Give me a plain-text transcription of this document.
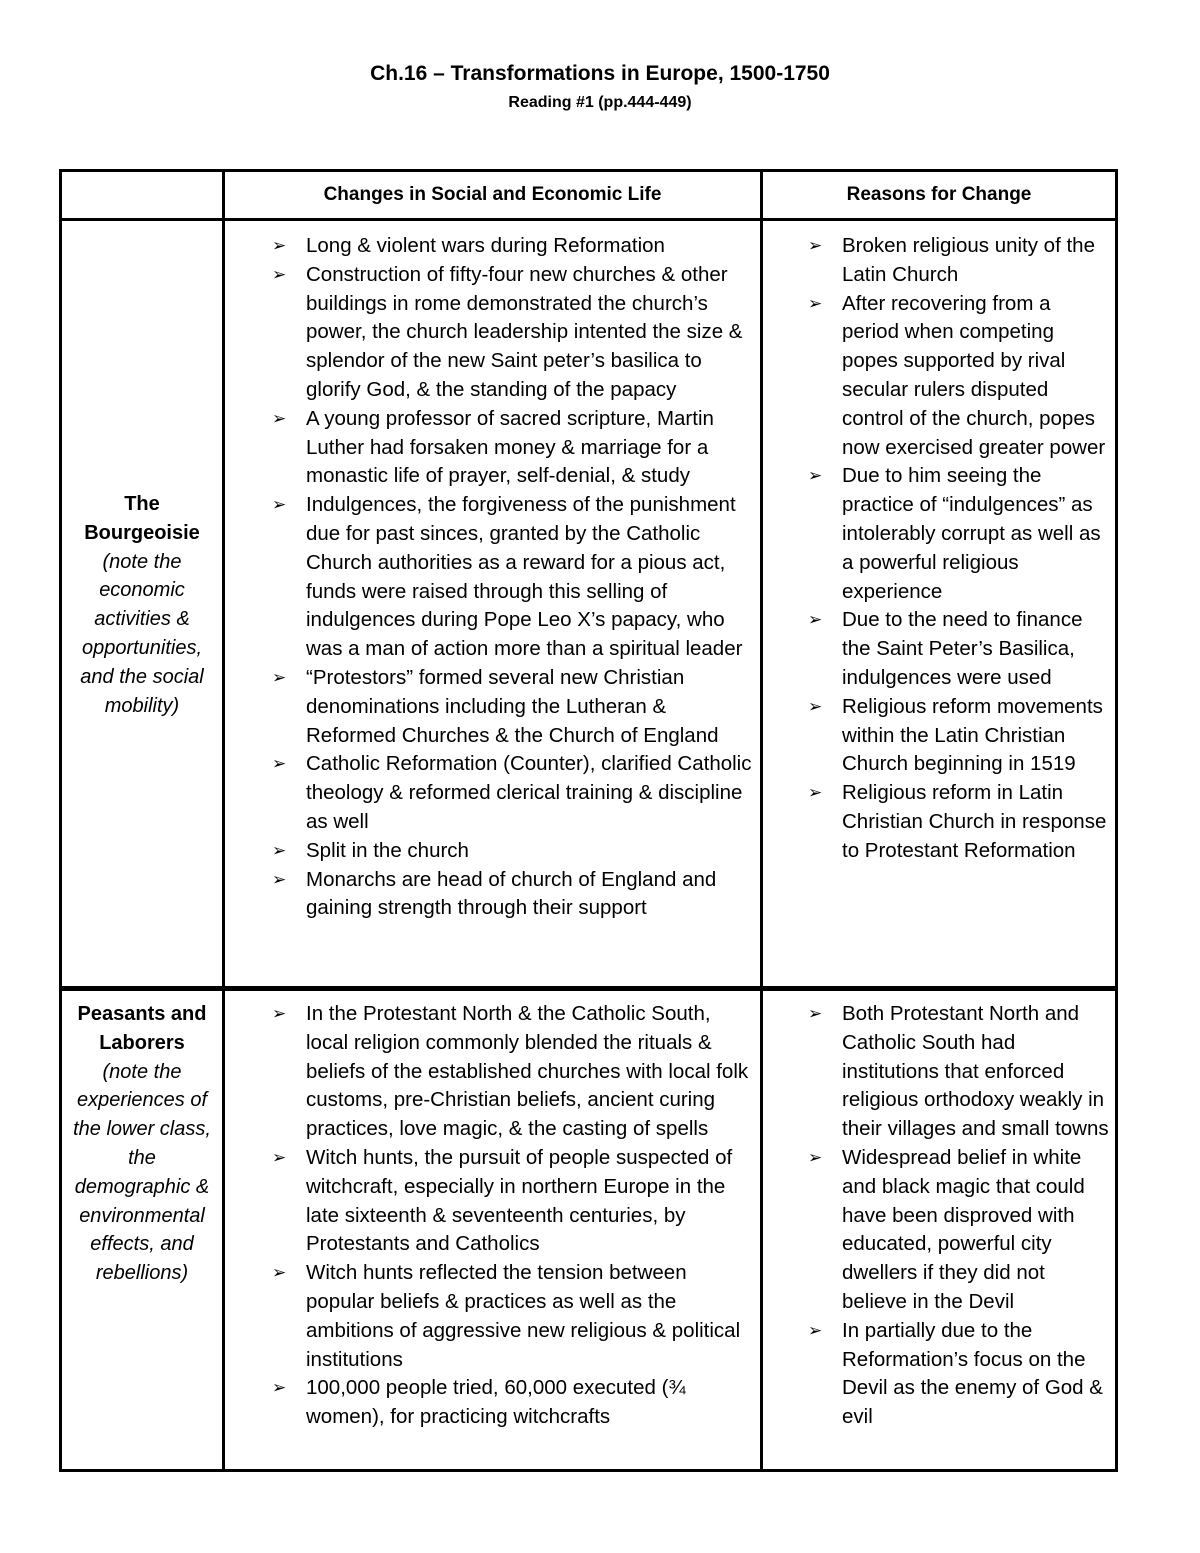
Ch.16 – Transformations in Europe, 1500-1750
Reading #1 (pp.444-449)
Changes in Social and Economic Life	Reasons for Change
The
Bourgeoisie
(note the economic activities & opportunities, and the social mobility)
➢ Long & violent wars during Reformation
➢ Construction of fifty-four new churches & other buildings in rome demonstrated the church’s power, the church leadership intented the size & splendor of the new Saint peter’s basilica to glorify God, & the standing of the papacy
➢ A young professor of sacred scripture, Martin Luther had forsaken money & marriage for a monastic life of prayer, self-denial, & study
➢ Indulgences, the forgiveness of the punishment due for past sinces, granted by the Catholic Church authorities as a reward for a pious act, funds were raised through this selling of indulgences during Pope Leo X’s papacy, who was a man of action more than a spiritual leader
➢ “Protestors” formed several new Christian denominations including the Lutheran & Reformed Churches & the Church of England
➢ Catholic Reformation (Counter), clarified Catholic theology & reformed clerical training & discipline as well
➢ Split in the church
➢ Monarchs are head of church of England and gaining strength through their support
➢ Broken religious unity of the Latin Church
➢ After recovering from a period when competing popes supported by rival secular rulers disputed control of the church, popes now exercised greater power
➢ Due to him seeing the practice of “indulgences” as intolerably corrupt as well as a powerful religious experience
➢ Due to the need to finance the Saint Peter’s Basilica, indulgences were used
➢ Religious reform movements within the Latin Christian Church beginning in 1519
➢ Religious reform in Latin Christian Church in response to Protestant Reformation
Peasants and
Laborers
(note the experiences of the lower class, the demographic & environmental effects, and rebellions)
➢ In the Protestant North & the Catholic South, local religion commonly blended the rituals & beliefs of the established churches with local folk customs, pre-Christian beliefs, ancient curing practices, love magic, & the casting of spells
➢ Witch hunts, the pursuit of people suspected of witchcraft, especially in northern Europe in the late sixteenth & seventeenth centuries, by Protestants and Catholics
➢ Witch hunts reflected the tension between popular beliefs & practices as well as the ambitions of aggressive new religious & political institutions
➢ 100,000 people tried, 60,000 executed (¾ women), for practicing witchcrafts
➢ Both Protestant North and Catholic South had institutions that enforced religious orthodoxy weakly in their villages and small towns
➢ Widespread belief in white and black magic that could have been disproved with educated, powerful city dwellers if they did not believe in the Devil
➢ In partially due to the Reformation’s focus on the Devil as the enemy of God & evil
